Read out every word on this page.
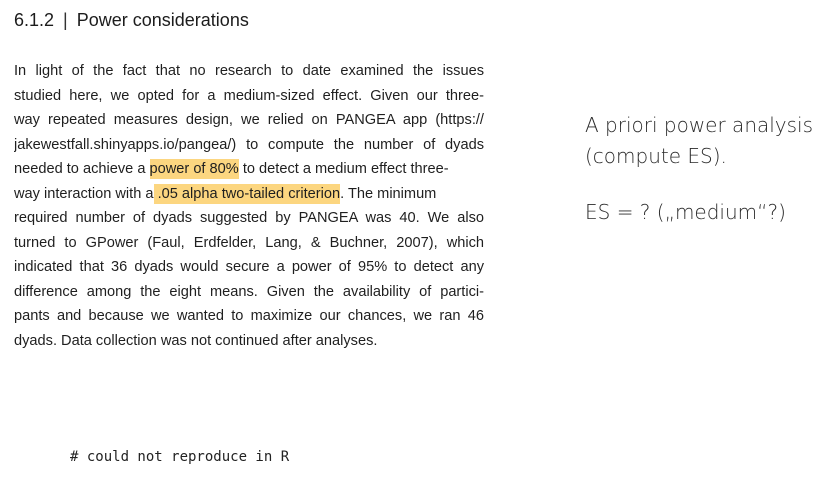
6.1.2 | Power considerations
In light of the fact that no research to date examined the issues
studied here, we opted for a medium-sized effect. Given our three-
way repeated measures design, we relied on PANGEA app (https://
jakewestfall.shinyapps.io/pangea/) to compute the number of dyads
needed to achieve a power of 80% to detect a medium effect three-
way interaction with a .05 alpha two-tailed criterion. The minimum
required number of dyads suggested by PANGEA was 40. We also
turned to GPower (Faul, Erdfelder, Lang, & Buchner, 2007), which
indicated that 36 dyads would secure a power of 95% to detect any
difference among the eight means. Given the availability of partici-
pants and because we wanted to maximize our chances, we ran 46
dyads. Data collection was not continued after analyses.
A priori power analysis
(compute ES).
ES = ? („medium“?)
# could not reproduce in R
